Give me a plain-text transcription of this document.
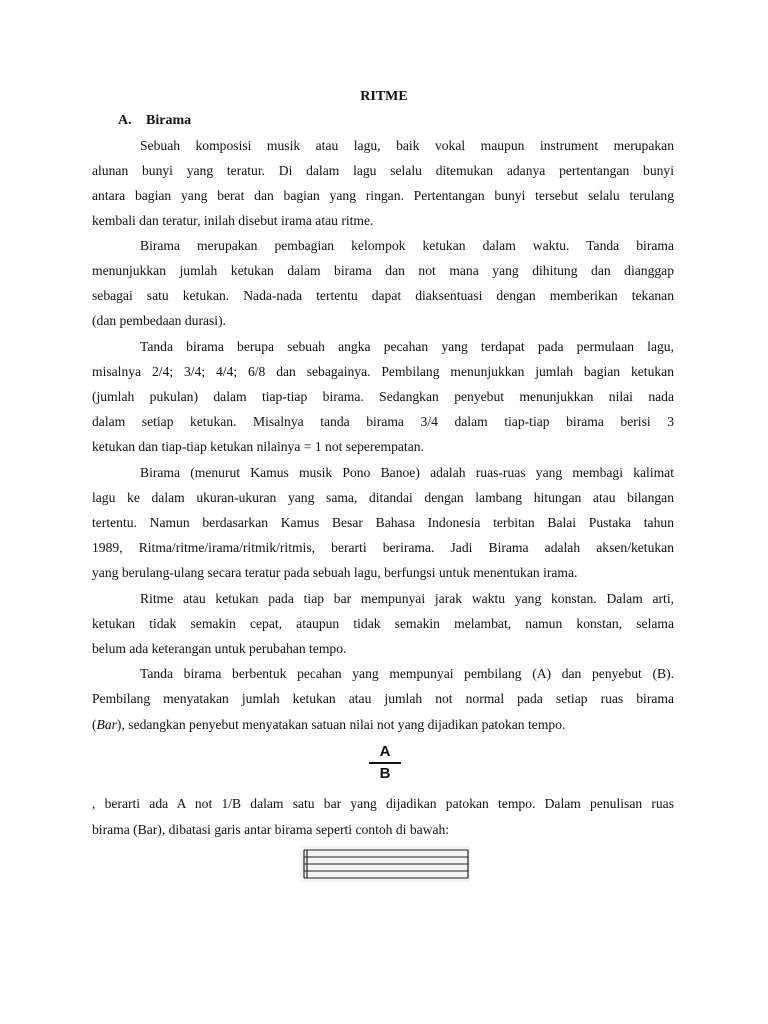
RITME
A. Birama
Sebuah komposisi musik atau lagu, baik vokal maupun instrument merupakan
alunan bunyi yang teratur. Di dalam lagu selalu ditemukan adanya pertentangan bunyi
antara bagian yang berat dan bagian yang ringan. Pertentangan bunyi tersebut selalu terulang
kembali dan teratur, inilah disebut irama atau ritme.
Birama merupakan pembagian kelompok ketukan dalam waktu. Tanda birama
menunjukkan jumlah ketukan dalam birama dan not mana yang dihitung dan dianggap
sebagai satu ketukan. Nada-nada tertentu dapat diaksentuasi dengan memberikan tekanan
(dan pembedaan durasi).
Tanda birama berupa sebuah angka pecahan yang terdapat pada permulaan lagu,
misalnya 2/4; 3/4; 4/4; 6/8 dan sebagainya. Pembilang menunjukkan jumlah bagian ketukan
(jumlah pukulan) dalam tiap-tiap birama. Sedangkan penyebut menunjukkan nilai nada
dalam setiap ketukan. Misalnya tanda birama 3/4 dalam tiap-tiap birama berisi 3
ketukan dan tiap-tiap ketukan nilainya = 1 not seperempatan.
Birama (menurut Kamus musik Pono Banoe) adalah ruas-ruas yang membagi kalimat
lagu ke dalam ukuran-ukuran yang sama, ditandai dengan lambang hitungan atau bilangan
tertentu. Namun berdasarkan Kamus Besar Bahasa Indonesia terbitan Balai Pustaka tahun
1989, Ritma/ritme/irama/ritmik/ritmis, berarti berirama. Jadi Birama adalah aksen/ketukan
yang berulang-ulang secara teratur pada sebuah lagu, berfungsi untuk menentukan irama.
Ritme atau ketukan pada tiap bar mempunyai jarak waktu yang konstan. Dalam arti,
ketukan tidak semakin cepat, ataupun tidak semakin melambat, namun konstan, selama
belum ada keterangan untuk perubahan tempo.
Tanda birama berbentuk pecahan yang mempunyai pembilang (A) dan penyebut (B).
Pembilang menyatakan jumlah ketukan atau jumlah not normal pada setiap ruas birama
(Bar), sedangkan penyebut menyatakan satuan nilai not yang dijadikan patokan tempo.
A
B
, berarti ada A not 1/B dalam satu bar yang dijadikan patokan tempo. Dalam penulisan ruas
birama (Bar), dibatasi garis antar birama seperti contoh di bawah:
